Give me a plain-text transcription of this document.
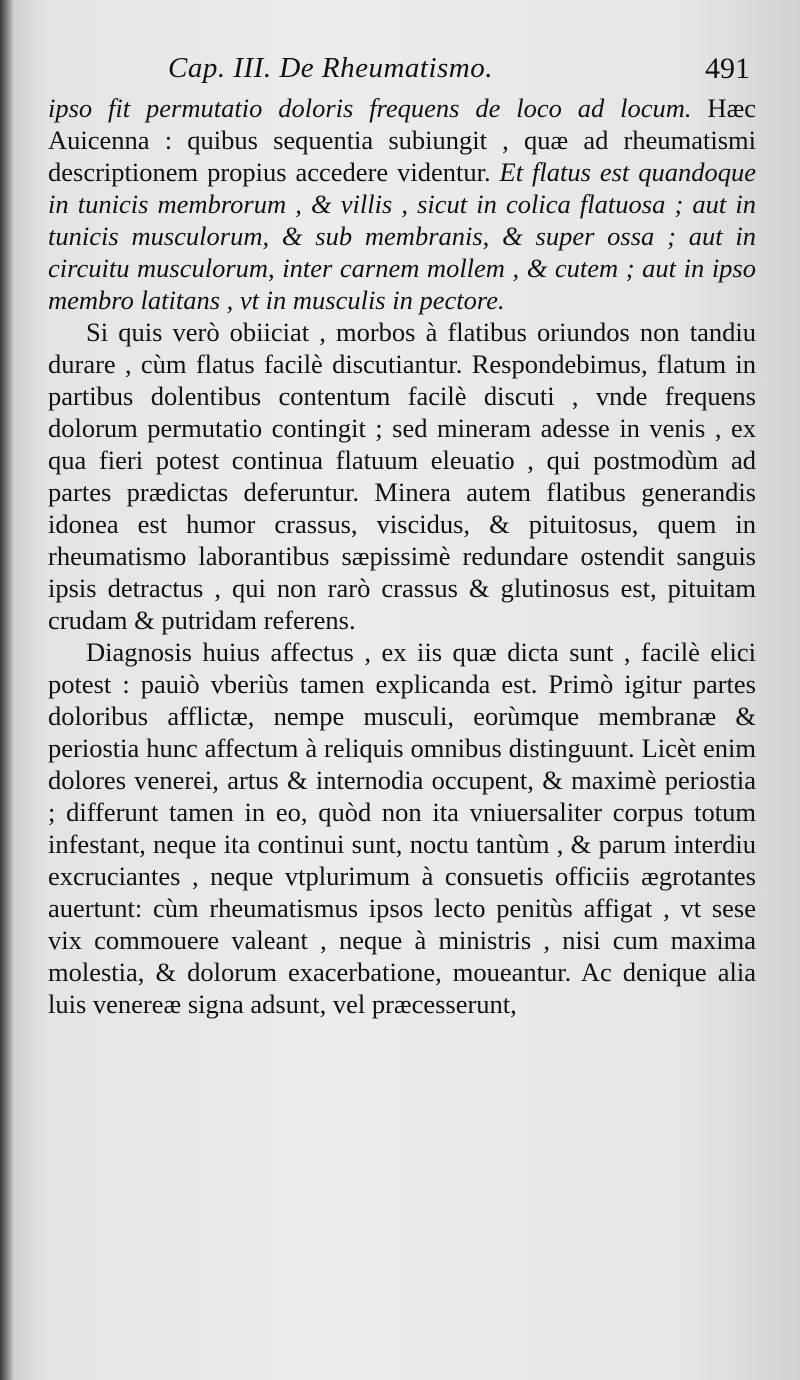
Cap. III. De Rheumatismo.	491

ipso fit permutatio doloris frequens de loco ad locum. Hæc Auicenna : quibus sequentia subiungit , quæ ad rheumatismi descriptionem propius accedere videntur. Et flatus est quandoque in tunicis membrorum , & villis , sicut in colica flatuosa ; aut in tunicis musculorum, & sub membranis, & super ossa ; aut in circuitu musculorum, inter carnem mollem , & cutem ; aut in ipso membro latitans , vt in musculis in pectore.

Si quis verò obiiciat , morbos à flatibus oriundos non tandiu durare , cùm flatus facilè discutiantur. Respondebimus, flatum in partibus dolentibus contentum facilè discuti , vnde frequens dolorum permutatio contingit ; sed mineram adesse in venis , ex qua fieri potest continua flatuum eleuatio , qui postmodùm ad partes prædictas deferuntur. Minera autem flatibus generandis idonea est humor crassus, viscidus, & pituitosus, quem in rheumatismo laborantibus sæpissimè redundare ostendit sanguis ipsis detractus , qui non rarò crassus & glutinosus est, pituitam crudam & putridam referens.

Diagnosis huius affectus , ex iis quæ dicta sunt , facilè elici potest : pauiò vberiùs tamen explicanda est. Primò igitur partes doloribus afflictæ, nempe musculi, eorùmque membranæ & periostia hunc affectum à reliquis omnibus distinguunt. Licèt enim dolores venerei, artus & internodia occupent, & maximè periostia ; differunt tamen in eo, quòd non ita vniuersaliter corpus totum infestant, neque ita continui sunt, noctu tantùm , & parum interdiu excruciantes , neque vtplurimum à consuetis officiis ægrotantes auertunt: cùm rheumatismus ipsos lecto penitùs affigat , vt sese vix commouere valeant , neque à ministris , nisi cum maxima molestia, & dolorum exacerbatione, moueantur. Ac denique alia luis venereæ signa adsunt, vel præcesserunt,
